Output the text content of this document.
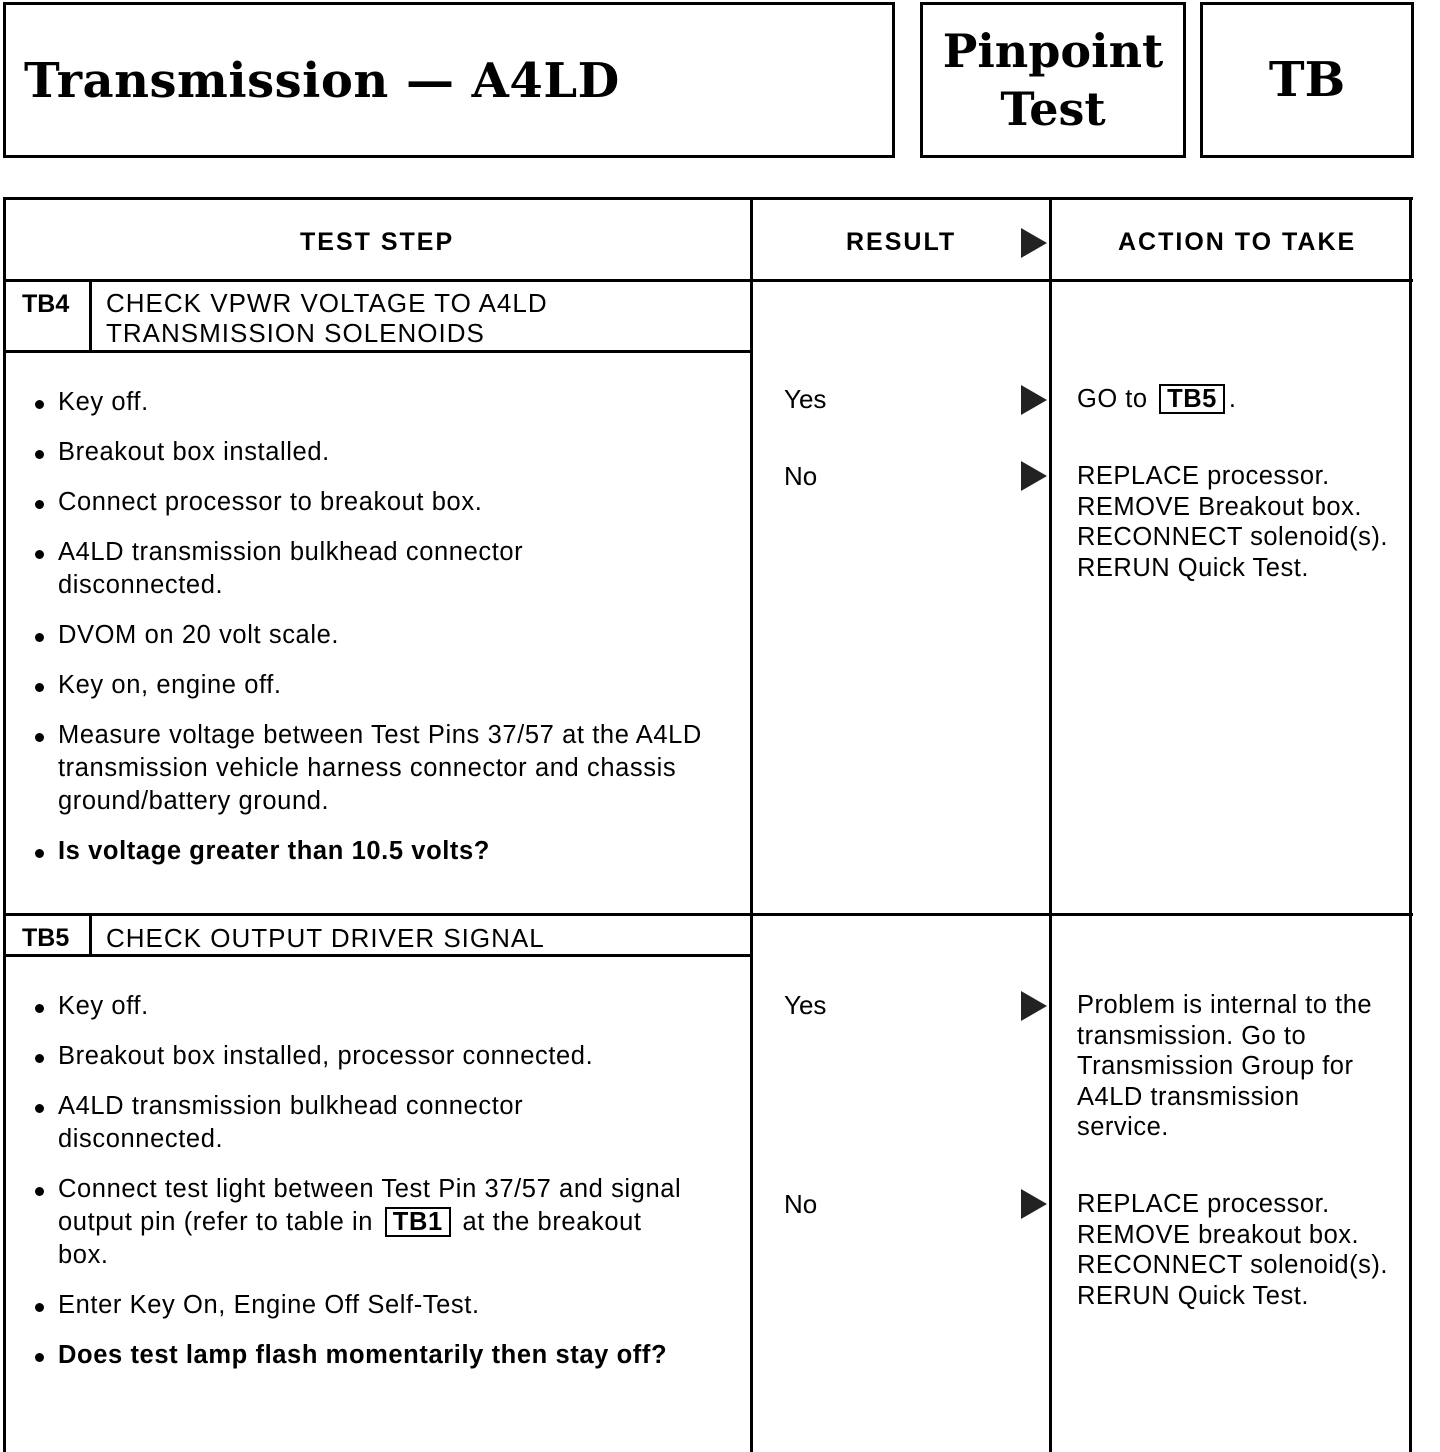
Transmission — A4LD
Pinpoint
Test
TB
TEST STEP	RESULT	ACTION TO TAKE
TB4 CHECK VPWR VOLTAGE TO A4LD
TRANSMISSION SOLENOIDS
Key off.
Breakout box installed.
Connect processor to breakout box.
A4LD transmission bulkhead connector disconnected.
DVOM on 20 volt scale.
Key on, engine off.
Measure voltage between Test Pins 37/57 at the A4LD transmission vehicle harness connector and chassis ground/battery ground.
Is voltage greater than 10.5 volts?
Yes	GO to TB5 .
No	REPLACE processor. REMOVE Breakout box. RECONNECT solenoid(s). RERUN Quick Test.
TB5 CHECK OUTPUT DRIVER SIGNAL
Key off.
Breakout box installed, processor connected.
A4LD transmission bulkhead connector disconnected.
Connect test light between Test Pin 37/57 and signal output pin (refer to table in TB1 at the breakout box.
Enter Key On, Engine Off Self-Test.
Does test lamp flash momentarily then stay off?
Yes	Problem is internal to the transmission. Go to Transmission Group for A4LD transmission service.
No	REPLACE processor. REMOVE breakout box. RECONNECT solenoid(s). RERUN Quick Test.
